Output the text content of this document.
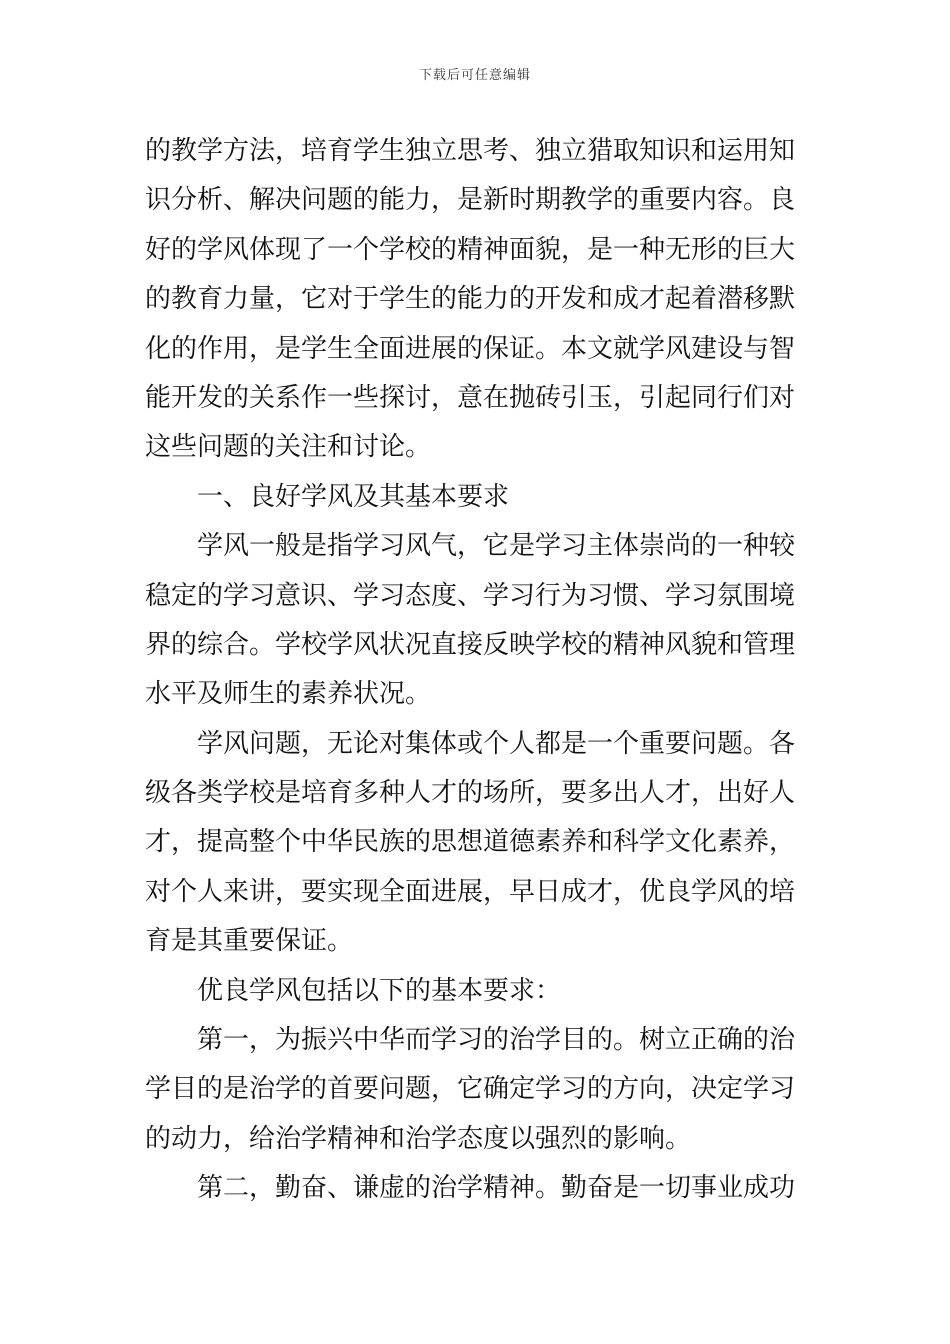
下载后可任意编辑
的教学方法，培育学生独立思考、独立猎取知识和运用知
识分析、解决问题的能力，是新时期教学的重要内容。良
好的学风体现了一个学校的精神面貌，是一种无形的巨大
的教育力量，它对于学生的能力的开发和成才起着潜移默
化的作用，是学生全面进展的保证。本文就学风建设与智
能开发的关系作一些探讨，意在抛砖引玉，引起同行们对
这些问题的关注和讨论。
一、良好学风及其基本要求
学风一般是指学习风气，它是学习主体崇尚的一种较
稳定的学习意识、学习态度、学习行为习惯、学习氛围境
界的综合。学校学风状况直接反映学校的精神风貌和管理
水平及师生的素养状况。
学风问题，无论对集体或个人都是一个重要问题。各
级各类学校是培育多种人才的场所，要多出人才，出好人
才，提高整个中华民族的思想道德素养和科学文化素养，
对个人来讲，要实现全面进展，早日成才，优良学风的培
育是其重要保证。
优良学风包括以下的基本要求：
第一，为振兴中华而学习的治学目的。树立正确的治
学目的是治学的首要问题，它确定学习的方向，决定学习
的动力，给治学精神和治学态度以强烈的影响。
第二，勤奋、谦虚的治学精神。勤奋是一切事业成功
